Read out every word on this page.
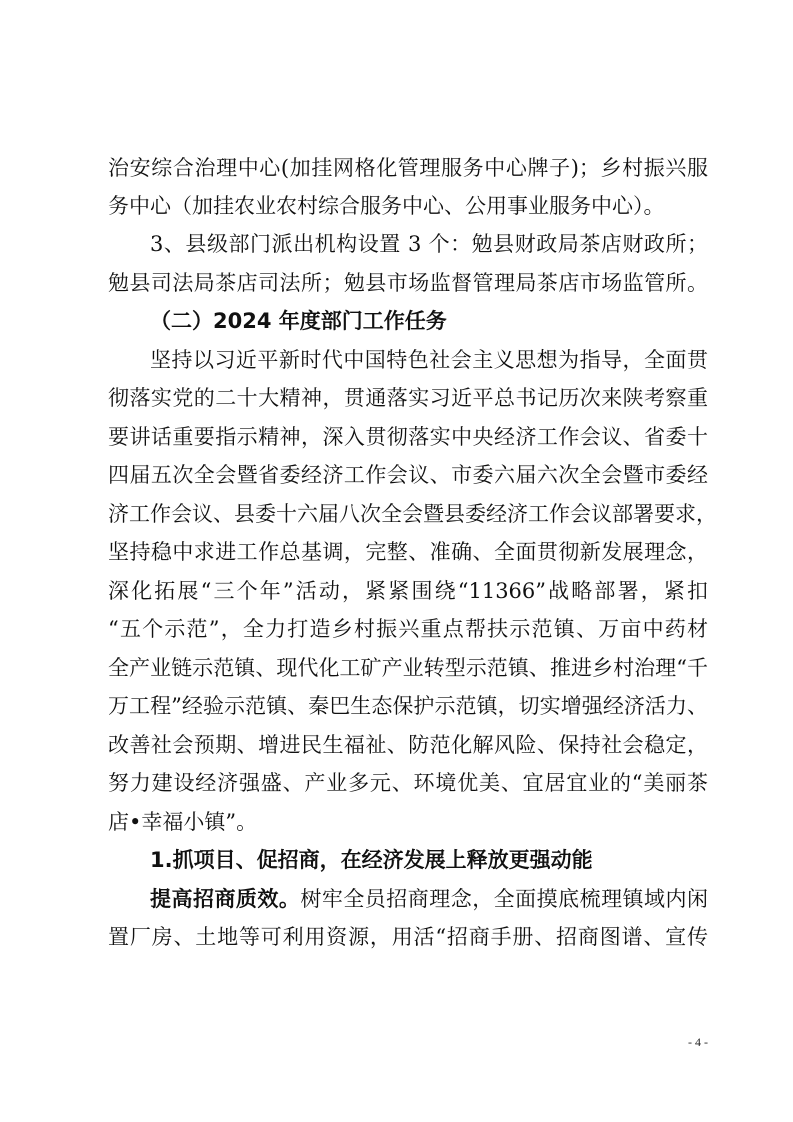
治安综合治理中心(加挂网格化管理服务中心牌子)；乡村振兴服
务中心（加挂农业农村综合服务中心、公用事业服务中心）。
3、县级部门派出机构设置 3 个：勉县财政局茶店财政所；
勉县司法局茶店司法所；勉县市场监督管理局茶店市场监管所。
（二）2024 年度部门工作任务
坚持以习近平新时代中国特色社会主义思想为指导，全面贯
彻落实党的二十大精神，贯通落实习近平总书记历次来陕考察重
要讲话重要指示精神，深入贯彻落实中央经济工作会议、省委十
四届五次全会暨省委经济工作会议、市委六届六次全会暨市委经
济工作会议、县委十六届八次全会暨县委经济工作会议部署要求，
坚持稳中求进工作总基调，完整、准确、全面贯彻新发展理念，
深化拓展“三个年”活动，紧紧围绕“11366”战略部署，紧扣
“五个示范”，全力打造乡村振兴重点帮扶示范镇、万亩中药材
全产业链示范镇、现代化工矿产业转型示范镇、推进乡村治理“千
万工程”经验示范镇、秦巴生态保护示范镇，切实增强经济活力、
改善社会预期、增进民生福祉、防范化解风险、保持社会稳定，
努力建设经济强盛、产业多元、环境优美、宜居宜业的“美丽茶
店•幸福小镇”。
1.抓项目、促招商，在经济发展上释放更强动能
提高招商质效。树牢全员招商理念，全面摸底梳理镇域内闲
置厂房、土地等可利用资源，用活“招商手册、招商图谱、宣传
- 4 -
